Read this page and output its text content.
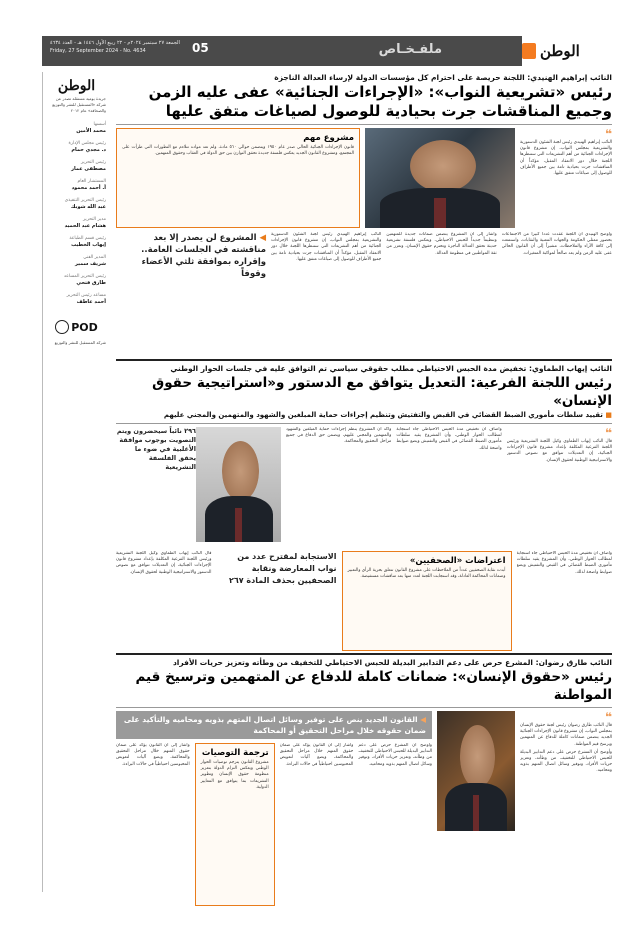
الوطن
ملفـخـاص
الجمعة ٢٧ سبتمبر ٢٠٢٤م - ٢٢ ربيع الأول ١٤٤٦ هـ - العدد ٤٦٣٤
Friday, 27 September 2024 - No. 4634	05
الوطن
جريدة يومية مستقلة تصدر عن شركة «المستقبل للنشر والتوزيع والصحافة» عام ٢٠١٢
أسسها
محمد الأمين
رئيس مجلس الإدارة
د. مجدي حمام
رئيس التحرير
مصطفى عمار
المستشار العام
أ. أحمد محمود
رئيس التحرير التنفيذي
عبد الله شوبك
مدير التحرير
هشام عبد الحميد
رئيس قسم الطباعة
إيهاب الخطيب
المدير الفني
شريف سمير
رئيس التحرير المساعد
طارق فتحي
مساعد رئيس التحرير
أحمد عاطف
POD
شركة المستقبل للنشر والتوزيع
النائب إبراهيم الهنيدي: اللجنة حريصة على احترام كل مؤسسات الدولة لإرساء العدالة الناجزة
رئيس «تشريعية النواب»: «الإجراءات الجنائية» عفى عليه الزمن
وجميع المناقشات جرت بحيادية للوصول لصياغات متفق عليها
❝

النائب إبراهيم الهنيدي رئيس لجنة الشئون الدستورية والتشريعية بمجلس النواب، إن مشروع قانون الإجراءات الجنائية من أهم التشريعات التي ستنظرها اللجنة خلال دور الانعقاد المقبل، مؤكداً أن المناقشات جرت بحيادية تامة بين جميع الأطراف للوصول إلى صياغات متفق عليها.

مشروع مهم
قانون الإجراءات الجنائية الحالي صدر عام ١٩٥٠ ويتضمن حوالي ٥٦٠ مادة، ولم تعد مواده تتلاءم مع التطورات التي طرأت على المجتمع، ومشروع القانون الجديد يعكس فلسفة جديدة تحقق التوازن بين حق الدولة في العقاب وحقوق المتهمين.

وأوضح الهنيدي أن اللجنة عقدت عدداً كبيراً من الاجتماعات بحضور ممثلي الحكومة والجهات المعنية والنقابات، واستمعت إلى كافة الآراء والملاحظات، مشيراً إلى أن القانون الحالي عفى عليه الزمن ولم يعد صالحاً لمواكبة المتغيرات.

وأشار إلى أن المشروع يتضمن ضمانات جديدة للمتهمين وتنظيماً جديداً للحبس الاحتياطي، ويعكس فلسفة تشريعية حديثة تحقق العدالة الناجزة وتحترم حقوق الإنسان، وتعزز من ثقة المواطنين في منظومة العدالة.

النائب إبراهيم الهنيدي رئيس لجنة الشئون الدستورية والتشريعية بمجلس النواب، إن مشروع قانون الإجراءات الجنائية من أهم التشريعات التي ستنظرها اللجنة خلال دور الانعقاد المقبل، مؤكداً أن المناقشات جرت بحيادية تامة بين جميع الأطراف للوصول إلى صياغات متفق عليها.

◀ المشروع لن يصدر إلا بعد مناقشته في الجلسات العامة.. وإقراره بموافقة ثلثي الأعضاء وقوفاً
النائب إيهاب الطماوي: تخفيض مدة الحبس الاحتياطي مطلب حقوقي سياسي تم التوافق عليه في جلسات الحوار الوطني
رئيس اللجنة الفرعية: التعديل يتوافق مع الدستور و«استراتيجية حقوق الإنسان»
■ تقييد سلطات مأموري الضبط القضائي في القبض والتفتيش وتنظيم إجراءات حماية المبلغين والشهود والمتهمين والمجني عليهم
❝

قال النائب إيهاب الطماوي وكيل اللجنة التشريعية ورئيس اللجنة الفرعية المكلفة بإعداد مشروع قانون الإجراءات الجنائية، إن التعديلات تتوافق مع نصوص الدستور والاستراتيجية الوطنية لحقوق الإنسان.

وأضاف أن تخفيض مدة الحبس الاحتياطي جاء استجابة لمطالب الحوار الوطني، وأن المشروع يقيد سلطات مأموري الضبط القضائي في القبض والتفتيش ويضع ضوابط واضحة لذلك.

وأكد أن المشروع ينظم إجراءات حماية المبلغين والشهود والمتهمين والمجني عليهم، ويضمن حق الدفاع في جميع مراحل التحقيق والمحاكمة.

٢٩٦ نائباً سيحضرون ويتم التصويت بوجوب موافقة الأغلبية في ضوء ما يحقق الفلسفة التشريعية

وأضاف أن تخفيض مدة الحبس الاحتياطي جاء استجابة لمطالب الحوار الوطني، وأن المشروع يقيد سلطات مأموري الضبط القضائي في القبض والتفتيش ويضع ضوابط واضحة لذلك.

اعتراضات «الصحفيين»
أبدت نقابة الصحفيين عدداً من الملاحظات على مشروع القانون تتعلق بحرية الرأي والتعبير وضمانات المحاكمة العادلة، وقد استجابت اللجنة لعدد منها بعد مناقشات مستفيضة.
الاستجابة لمقترح عدد من نواب المعارضة ونقابة الصحفيين بحذف المادة ٢٦٧

قال النائب إيهاب الطماوي وكيل اللجنة التشريعية ورئيس اللجنة الفرعية المكلفة بإعداد مشروع قانون الإجراءات الجنائية، إن التعديلات تتوافق مع نصوص الدستور والاستراتيجية الوطنية لحقوق الإنسان.

النائب طارق رضوان: المشرع حرص على دعم التدابير البديلة للحبس الاحتياطي للتخفيف من وطأته وتعزيز حريات الأفراد
رئيس «حقوق الإنسان»: ضمانات كاملة للدفاع عن المتهمين وترسيخ قيم المواطنة
❝

قال النائب طارق رضوان رئيس لجنة حقوق الإنسان بمجلس النواب، إن مشروع قانون الإجراءات الجنائية الجديد يتضمن ضمانات كاملة للدفاع عن المتهمين ويرسخ قيم المواطنة.

وأوضح أن المشرع حرص على دعم التدابير البديلة للحبس الاحتياطي للتخفيف من وطأته، وتعزيز حريات الأفراد، وتوفير وسائل اتصال المتهم بذويه ومحاميه.

◀ القانون الجديد ينص على توفير وسائل اتصال المتهم بذويه ومحاميه والتأكيد على ضمان حقوقه خلال مراحل التحقيق أو المحاكمة

وأوضح أن المشرع حرص على دعم التدابير البديلة للحبس الاحتياطي للتخفيف من وطأته، وتعزيز حريات الأفراد، وتوفير وسائل اتصال المتهم بذويه ومحاميه.

وأشار إلى أن القانون يؤكد على ضمان حقوق المتهم خلال مراحل التحقيق والمحاكمة، ويضع آليات لتعويض المحبوسين احتياطياً في حالات البراءة.

ترجمة التوصيات
مشروع القانون يترجم توصيات الحوار الوطني ويعكس التزام الدولة بتعزيز منظومة حقوق الإنسان وتطوير التشريعات بما يتوافق مع المعايير الدولية.

وأشار إلى أن القانون يؤكد على ضمان حقوق المتهم خلال مراحل التحقيق والمحاكمة، ويضع آليات لتعويض المحبوسين احتياطياً في حالات البراءة.
